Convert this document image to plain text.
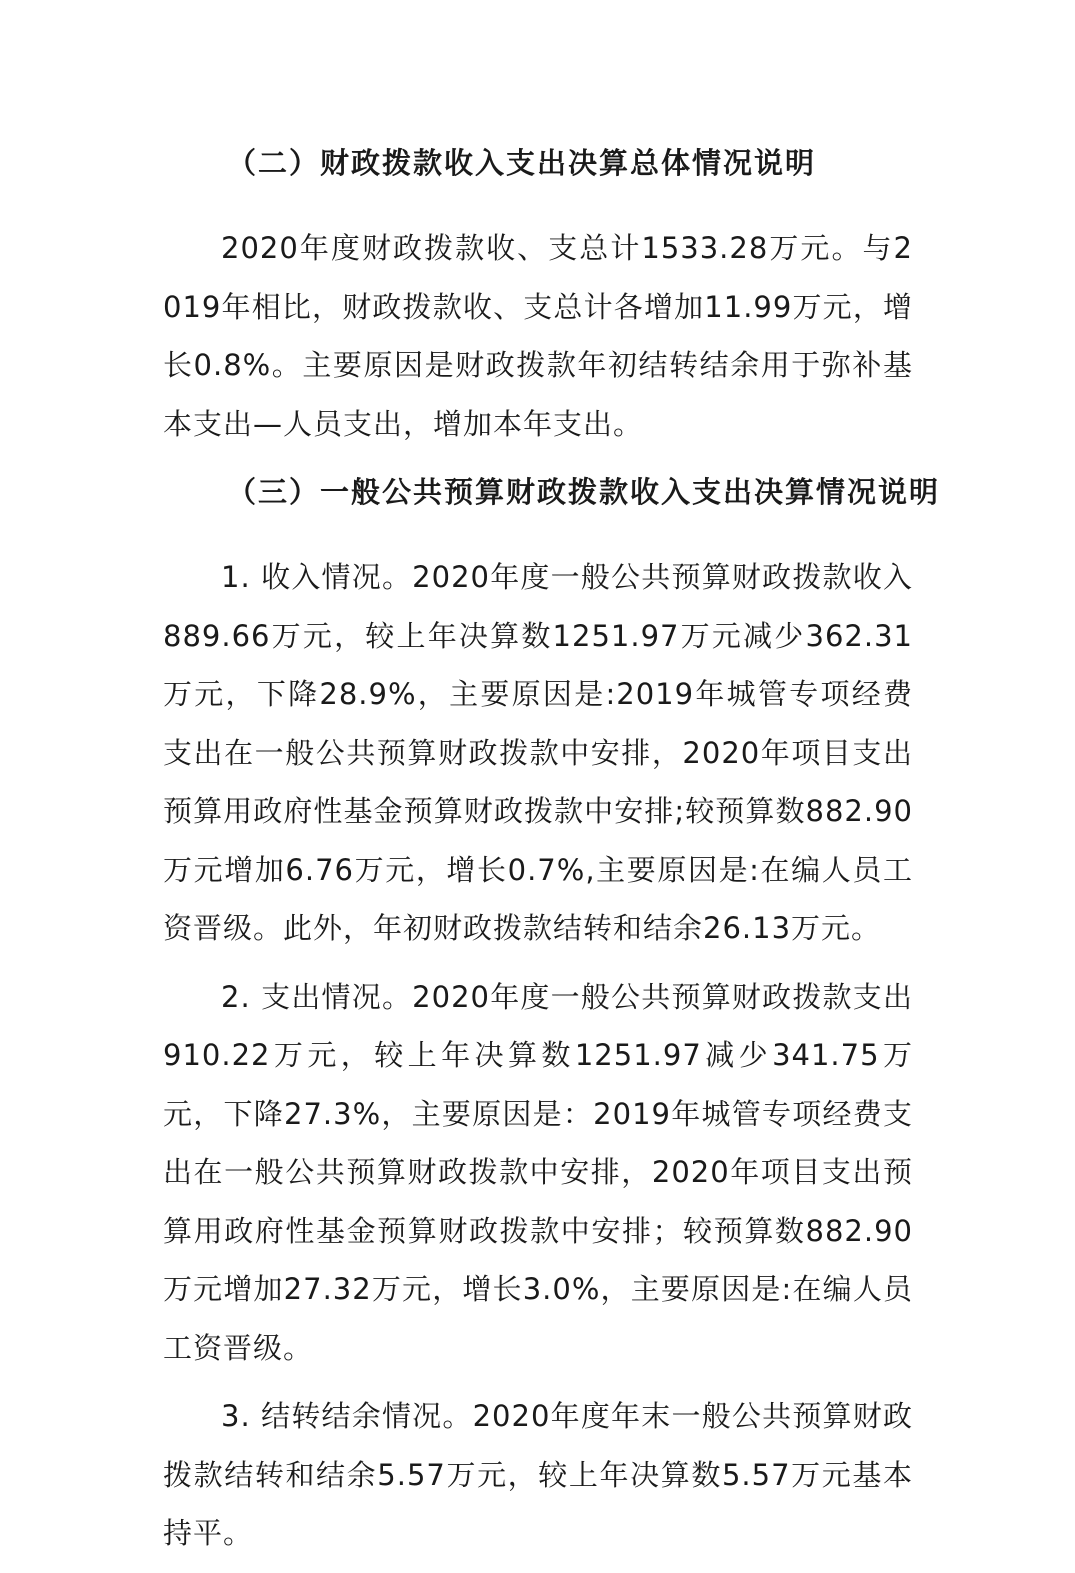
（二）财政拨款收入支出决算总体情况说明
2020年度财政拨款收、支总计1533.28万元。与2019年相比，财政拨款收、支总计各增加11.99万元，增长0.8%。主要原因是财政拨款年初结转结余用于弥补基本支出—人员支出，增加本年支出。
（三）一般公共预算财政拨款收入支出决算情况说明
1. 收入情况。2020年度一般公共预算财政拨款收入889.66万元，较上年决算数1251.97万元减少362.31万元，下降28.9%，主要原因是:2019年城管专项经费支出在一般公共预算财政拨款中安排，2020年项目支出预算用政府性基金预算财政拨款中安排;较预算数882.90万元增加6.76万元，增长0.7%,主要原因是:在编人员工资晋级。此外，年初财政拨款结转和结余26.13万元。
2. 支出情况。2020年度一般公共预算财政拨款支出910.22万元，较上年决算数1251.97减少341.75万元，下降27.3%，主要原因是：2019年城管专项经费支出在一般公共预算财政拨款中安排，2020年项目支出预算用政府性基金预算财政拨款中安排；较预算数882.90万元增加27.32万元，增长3.0%，主要原因是:在编人员工资晋级。
3. 结转结余情况。2020年度年末一般公共预算财政拨款结转和结余5.57万元，较上年决算数5.57万元基本持平。
